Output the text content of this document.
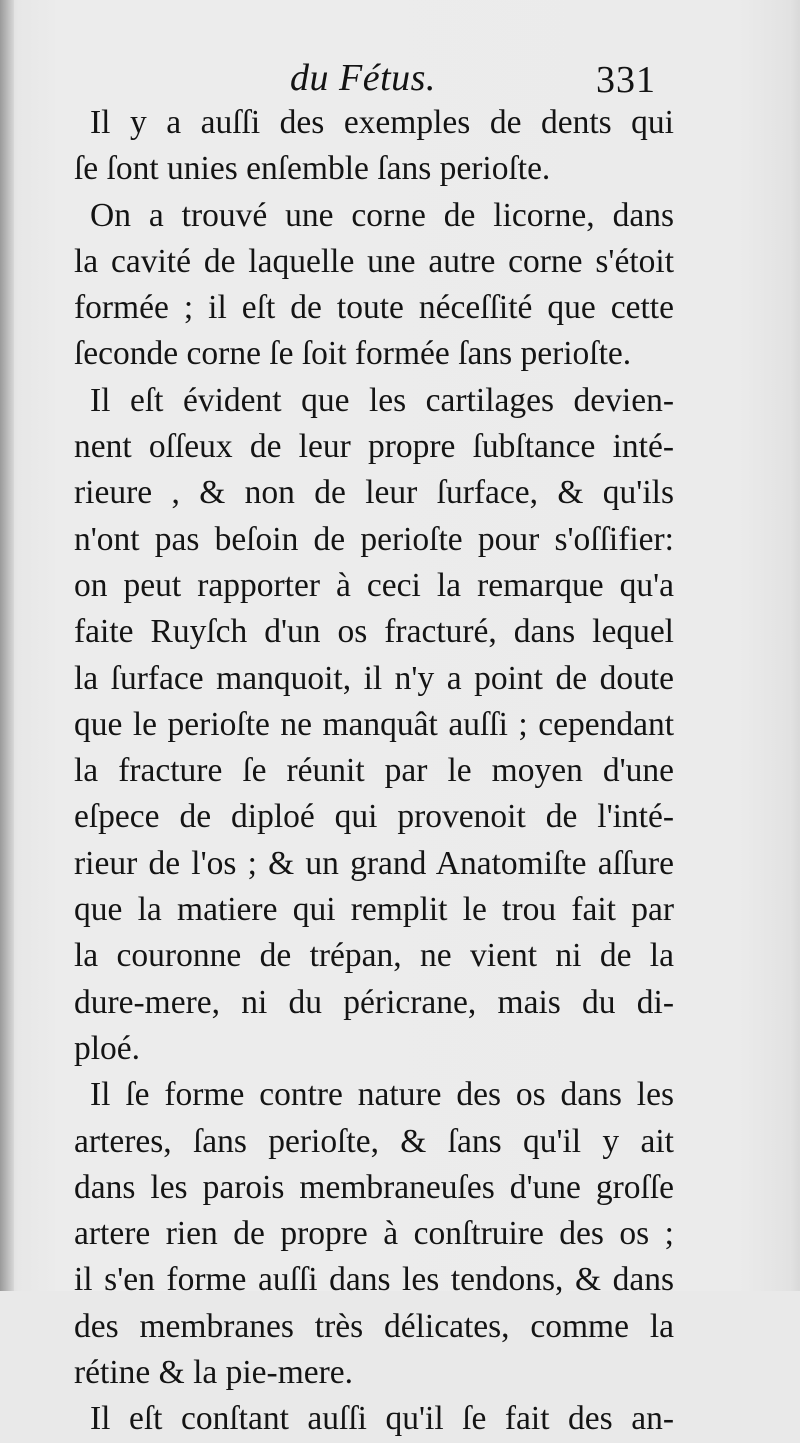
du Fétus.	331
Il y a auſſi des exemples de dents qui
ſe ſont unies enſemble ſans perioſte.
On a trouvé une corne de licorne, dans
la cavité de laquelle une autre corne s'étoit
formée ; il eſt de toute néceſſité que cette
ſeconde corne ſe ſoit formée ſans perioſte.
Il eſt évident que les cartilages devien-
nent oſſeux de leur propre ſubſtance inté-
rieure , & non de leur ſurface, & qu'ils
n'ont pas beſoin de perioſte pour s'oſſifier:
on peut rapporter à ceci la remarque qu'a
faite Ruyſch d'un os fracturé, dans lequel
la ſurface manquoit, il n'y a point de doute
que le perioſte ne manquât auſſi ; cependant
la fracture ſe réunit par le moyen d'une
eſpece de diploé qui provenoit de l'inté-
rieur de l'os ; & un grand Anatomiſte aſſure
que la matiere qui remplit le trou fait par
la couronne de trépan, ne vient ni de la
dure-mere, ni du péricrane, mais du di-
ploé.
Il ſe forme contre nature des os dans les
arteres, ſans perioſte, & ſans qu'il y ait
dans les parois membraneuſes d'une groſſe
artere rien de propre à conſtruire des os ;
il s'en forme auſſi dans les tendons, & dans
des membranes très délicates, comme la
rétine & la pie-mere.
Il eſt conſtant auſſi qu'il ſe fait des an-
